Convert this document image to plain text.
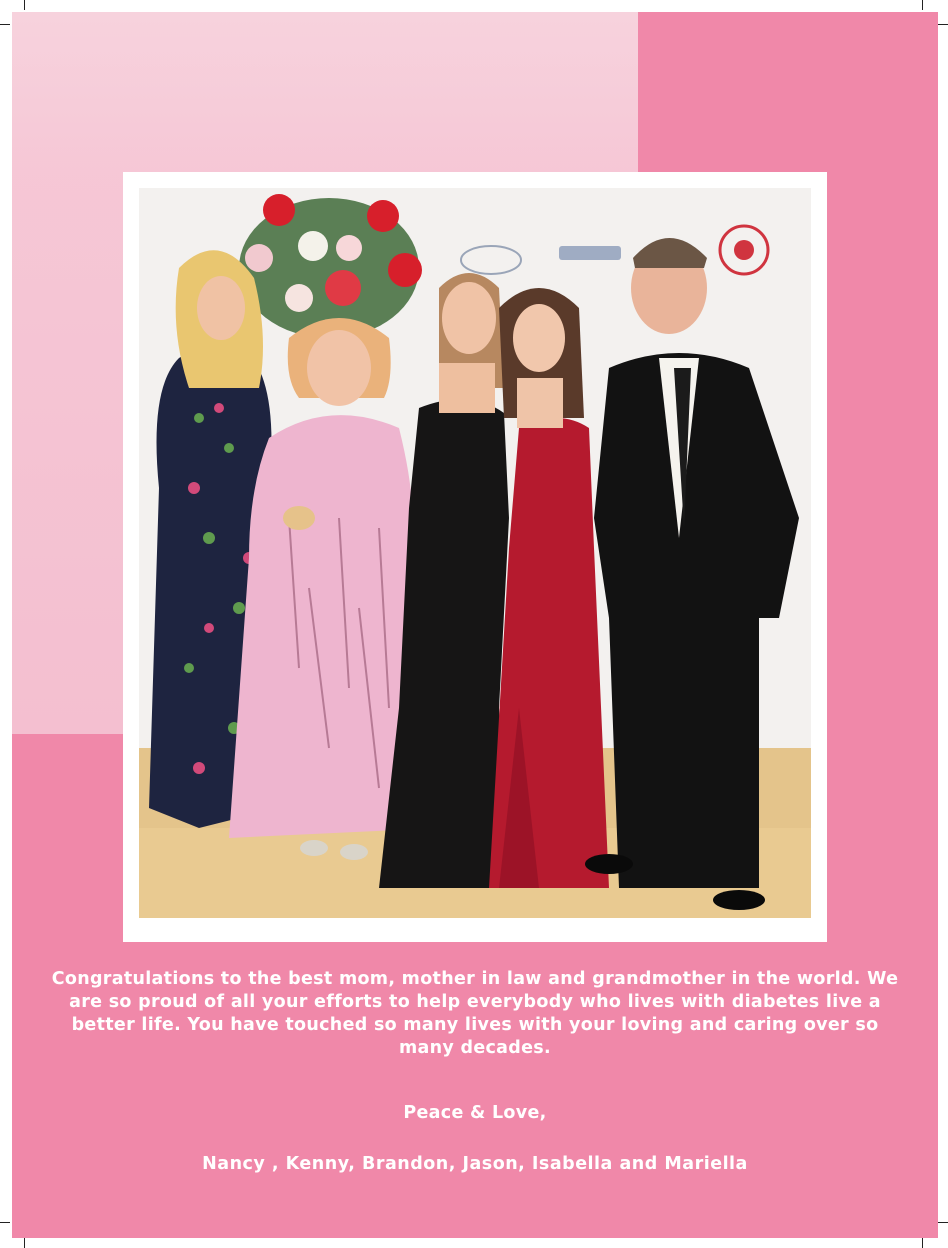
Congratulations to the best mom, mother in law and grandmother in the world. We are so proud of all your efforts to help everybody who lives with diabetes live a better life. You have touched so many lives with your loving and caring over so many decades.
Peace & Love,
Nancy , Kenny, Brandon, Jason, Isabella and Mariella
